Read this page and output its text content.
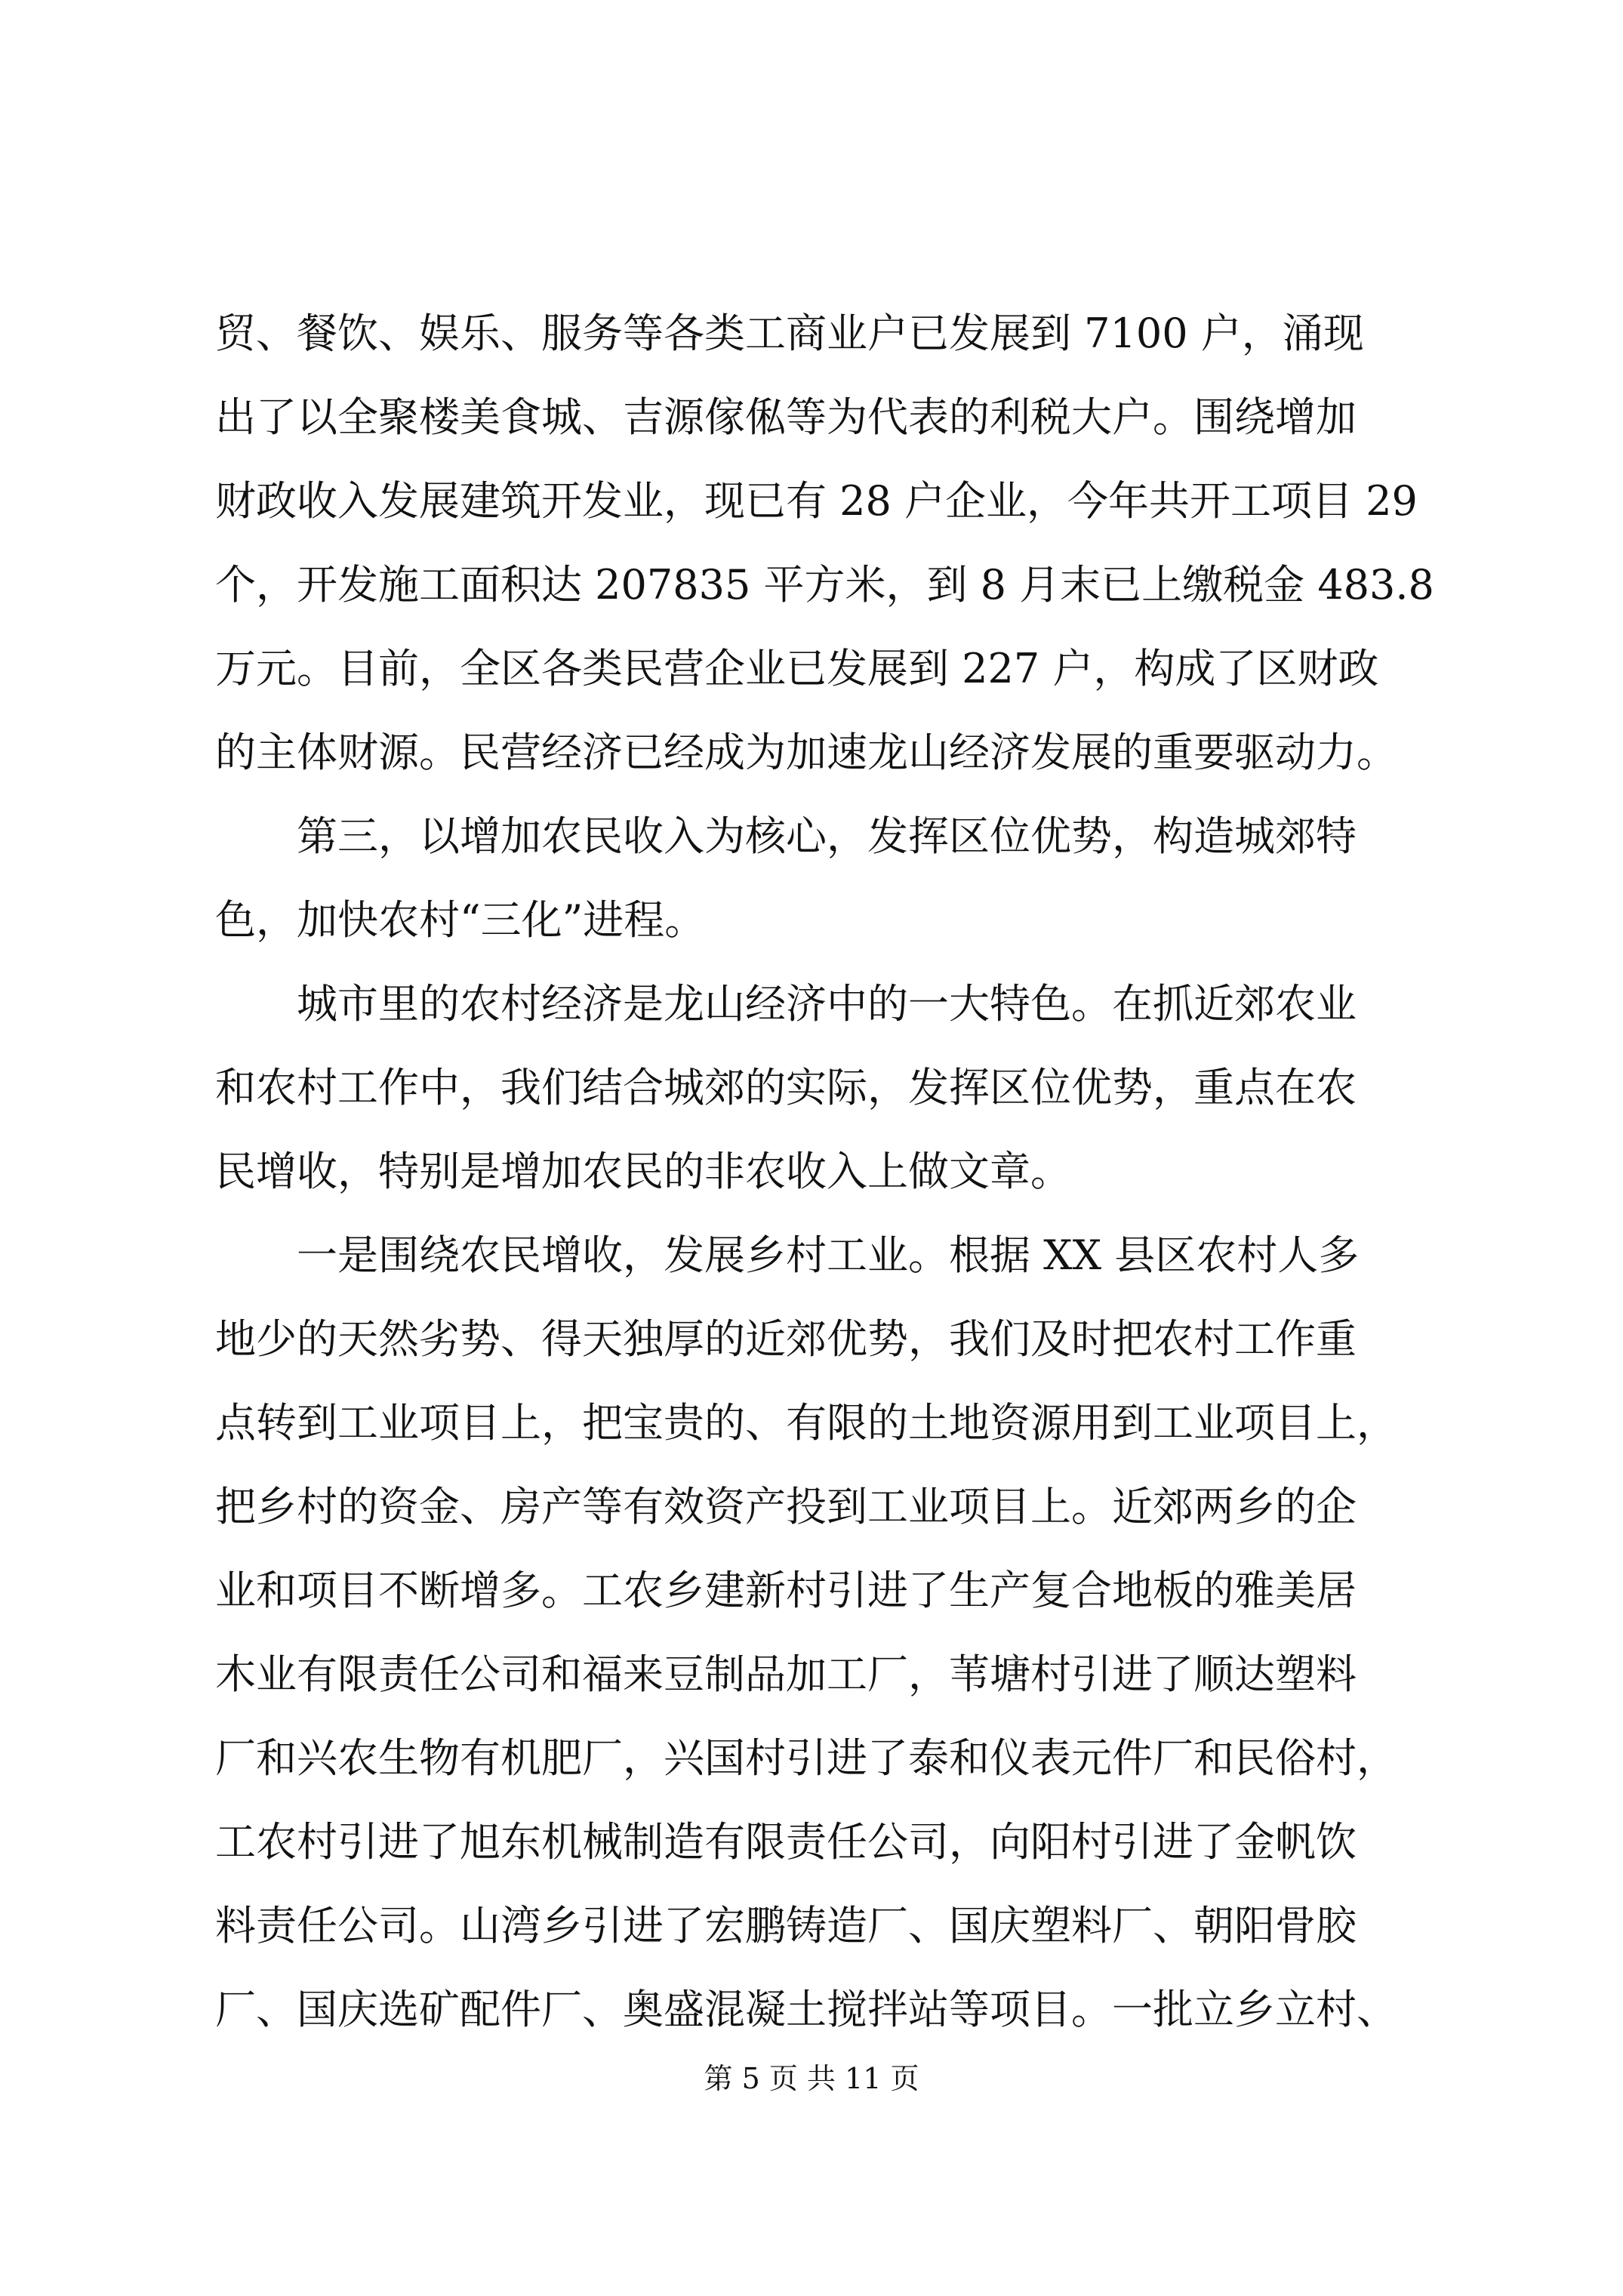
贸、餐饮、娱乐、服务等各类工商业户已发展到 7100 户，涌现
出了以全聚楼美食城、吉源傢俬等为代表的利税大户。围绕增加
财政收入发展建筑开发业，现已有 28 户企业，今年共开工项目 29
个，开发施工面积达 207835 平方米，到 8 月末已上缴税金 483.8
万元。目前，全区各类民营企业已发展到 227 户，构成了区财政
的主体财源。民营经济已经成为加速龙山经济发展的重要驱动力。
第三，以增加农民收入为核心，发挥区位优势，构造城郊特
色，加快农村“三化”进程。
城市里的农村经济是龙山经济中的一大特色。在抓近郊农业
和农村工作中，我们结合城郊的实际，发挥区位优势，重点在农
民增收，特别是增加农民的非农收入上做文章。
一是围绕农民增收，发展乡村工业。根据 XX 县区农村人多
地少的天然劣势、得天独厚的近郊优势，我们及时把农村工作重
点转到工业项目上，把宝贵的、有限的土地资源用到工业项目上，
把乡村的资金、房产等有效资产投到工业项目上。近郊两乡的企
业和项目不断增多。工农乡建新村引进了生产复合地板的雅美居
木业有限责任公司和福来豆制品加工厂，苇塘村引进了顺达塑料
厂和兴农生物有机肥厂，兴国村引进了泰和仪表元件厂和民俗村，
工农村引进了旭东机械制造有限责任公司，向阳村引进了金帆饮
料责任公司。山湾乡引进了宏鹏铸造厂、国庆塑料厂、朝阳骨胶
厂、国庆选矿配件厂、奥盛混凝土搅拌站等项目。一批立乡立村、
第 5 页 共 11 页
